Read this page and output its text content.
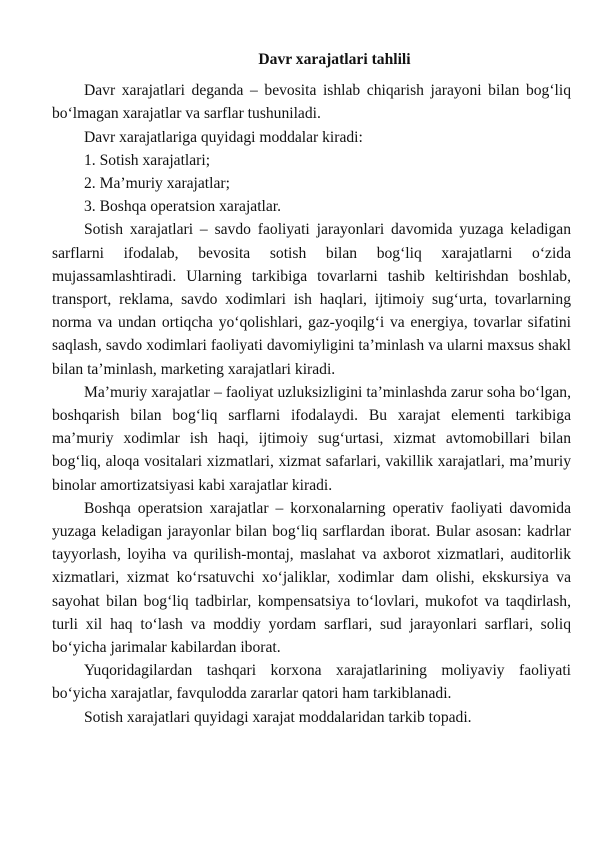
Davr xarajatlari tahlili

Davr xarajatlari deganda – bevosita ishlab chiqarish jarayoni bilan bog‘liq bo‘lmagan xarajatlar va sarflar tushuniladi.

Davr xarajatlariga quyidagi moddalar kiradi:

1. Sotish xarajatlari;

2. Ma’muriy xarajatlar;

3. Boshqa operatsion xarajatlar.

Sotish xarajatlari – savdo faoliyati jarayonlari davomida yuzaga keladigan sarflarni ifodalab, bevosita sotish bilan bog‘liq xarajatlarni o‘zida mujassamlashtiradi. Ularning tarkibiga tovarlarni tashib keltirishdan boshlab, transport, reklama, savdo xodimlari ish haqlari, ijtimoiy sug‘urta, tovarlarning norma va undan ortiqcha yo‘qolishlari, gaz-yoqilg‘i va energiya, tovarlar sifatini saqlash, savdo xodimlari faoliyati davomiyligini ta’minlash va ularni maxsus shakl bilan ta’minlash, marketing xarajatlari kiradi.

Ma’muriy xarajatlar – faoliyat uzluksizligini ta’minlashda zarur soha bo‘lgan, boshqarish bilan bog‘liq sarflarni ifodalaydi. Bu xarajat elementi tarkibiga ma’muriy xodimlar ish haqi, ijtimoiy sug‘urtasi, xizmat avtomobillari bilan bog‘liq, aloqa vositalari xizmatlari, xizmat safarlari, vakillik xarajatlari, ma’muriy binolar amortizatsiyasi kabi xarajatlar kiradi.

Boshqa operatsion xarajatlar – korxonalarning operativ faoliyati davomida yuzaga keladigan jarayonlar bilan bog‘liq sarflardan iborat. Bular asosan: kadrlar tayyorlash, loyiha va qurilish-montaj, maslahat va axborot xizmatlari, auditorlik xizmatlari, xizmat ko‘rsatuvchi xo‘jaliklar, xodimlar dam olishi, ekskursiya va sayohat bilan bog‘liq tadbirlar, kompensatsiya to‘lovlari, mukofot va taqdirlash, turli xil haq to‘lash va moddiy yordam sarflari, sud jarayonlari sarflari, soliq bo‘yicha jarimalar kabilardan iborat.

Yuqoridagilardan tashqari korxona xarajatlarining moliyaviy faoliyati bo‘yicha xarajatlar, favqulodda zararlar qatori ham tarkiblanadi.

Sotish xarajatlari quyidagi xarajat moddalaridan tarkib topadi.
